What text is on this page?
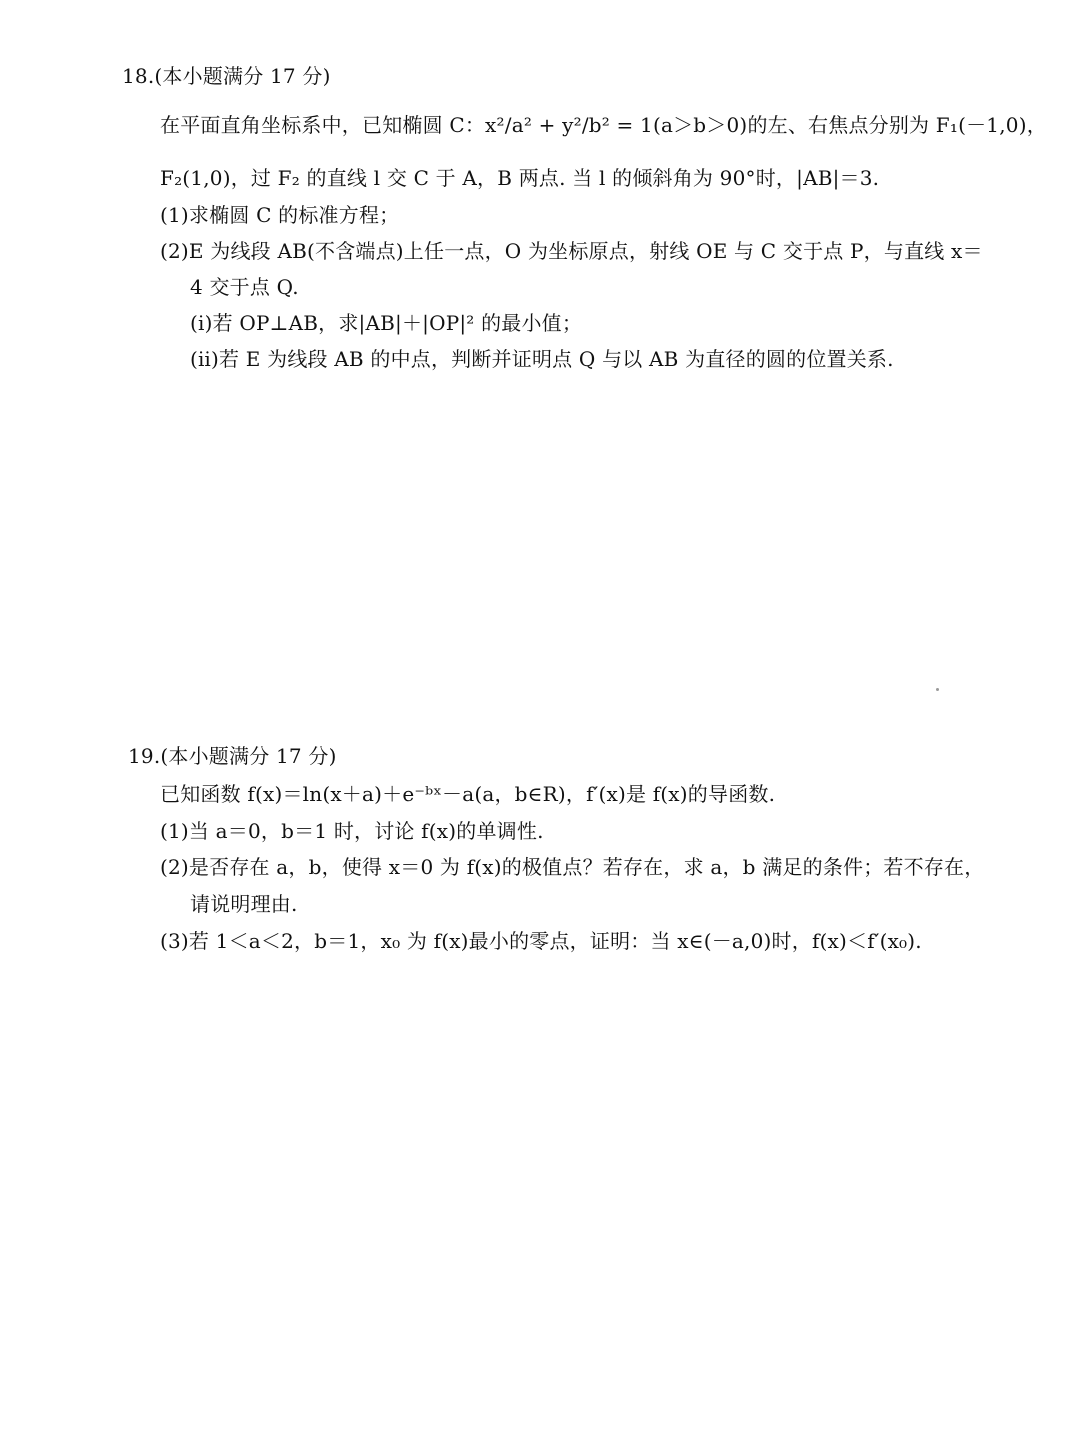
18.(本小题满分 17 分)
在平面直角坐标系中，已知椭圆 C：x²/a² + y²/b² = 1(a＞b＞0)的左、右焦点分别为 F₁(－1,0)，
F₂(1,0)，过 F₂ 的直线 l 交 C 于 A，B 两点. 当 l 的倾斜角为 90°时，|AB|＝3.
(1)求椭圆 C 的标准方程；
(2)E 为线段 AB(不含端点)上任一点，O 为坐标原点，射线 OE 与 C 交于点 P，与直线 x＝
4 交于点 Q.
(ⅰ)若 OP⊥AB，求|AB|＋|OP|² 的最小值；
(ⅱ)若 E 为线段 AB 的中点，判断并证明点 Q 与以 AB 为直径的圆的位置关系.
19.(本小题满分 17 分)
已知函数 f(x)＝ln(x＋a)＋e⁻ᵇˣ－a(a，b∈R)，f′(x)是 f(x)的导函数.
(1)当 a＝0，b＝1 时，讨论 f(x)的单调性.
(2)是否存在 a，b，使得 x＝0 为 f(x)的极值点？若存在，求 a，b 满足的条件；若不存在，
请说明理由.
(3)若 1＜a＜2，b＝1，x₀ 为 f(x)最小的零点，证明：当 x∈(－a,0)时，f(x)＜f′(x₀).
